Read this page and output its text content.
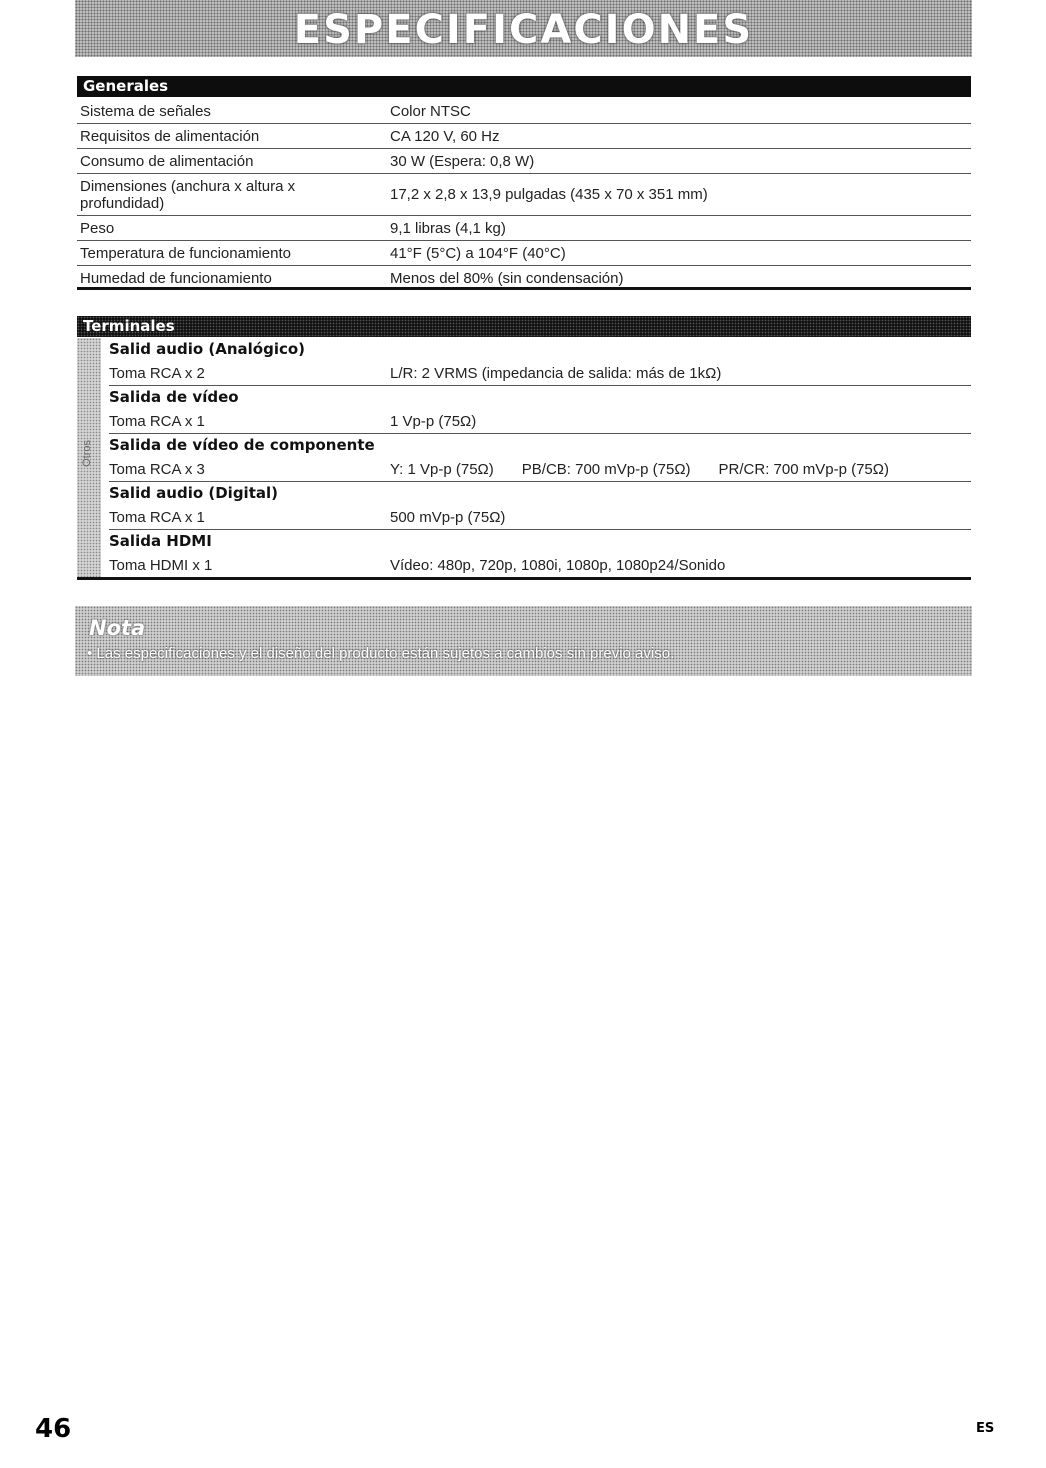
ESPECIFICACIONES
Generales
Sistema de señales	Color NTSC
Requisitos de alimentación	CA 120 V, 60 Hz
Consumo de alimentación	30 W (Espera: 0,8 W)
Dimensiones (anchura x altura x profundidad)	17,2 x 2,8 x 13,9 pulgadas (435 x 70 x 351 mm)
Peso	9,1 libras (4,1 kg)
Temperatura de funcionamiento	41°F (5°C) a 104°F (40°C)
Humedad de funcionamiento	Menos del 80% (sin condensación)
Terminales
Otros
Salid audio (Analógico)
Toma RCA x 2	L/R: 2 VRMS (impedancia de salida: más de 1kΩ)
Salida de vídeo
Toma RCA x 1	1 Vp-p (75Ω)
Salida de vídeo de componente
Toma RCA x 3	Y: 1 Vp-p (75Ω) PB/CB: 700 mVp-p (75Ω) PR/CR: 700 mVp-p (75Ω)
Salid audio (Digital)
Toma RCA x 1	500 mVp-p (75Ω)
Salida HDMI
Toma HDMI x 1	Vídeo: 480p, 720p, 1080i, 1080p, 1080p24/Sonido
Nota
• Las especificaciones y el diseño del producto están sujetos a cambios sin previo aviso.
46	ES
